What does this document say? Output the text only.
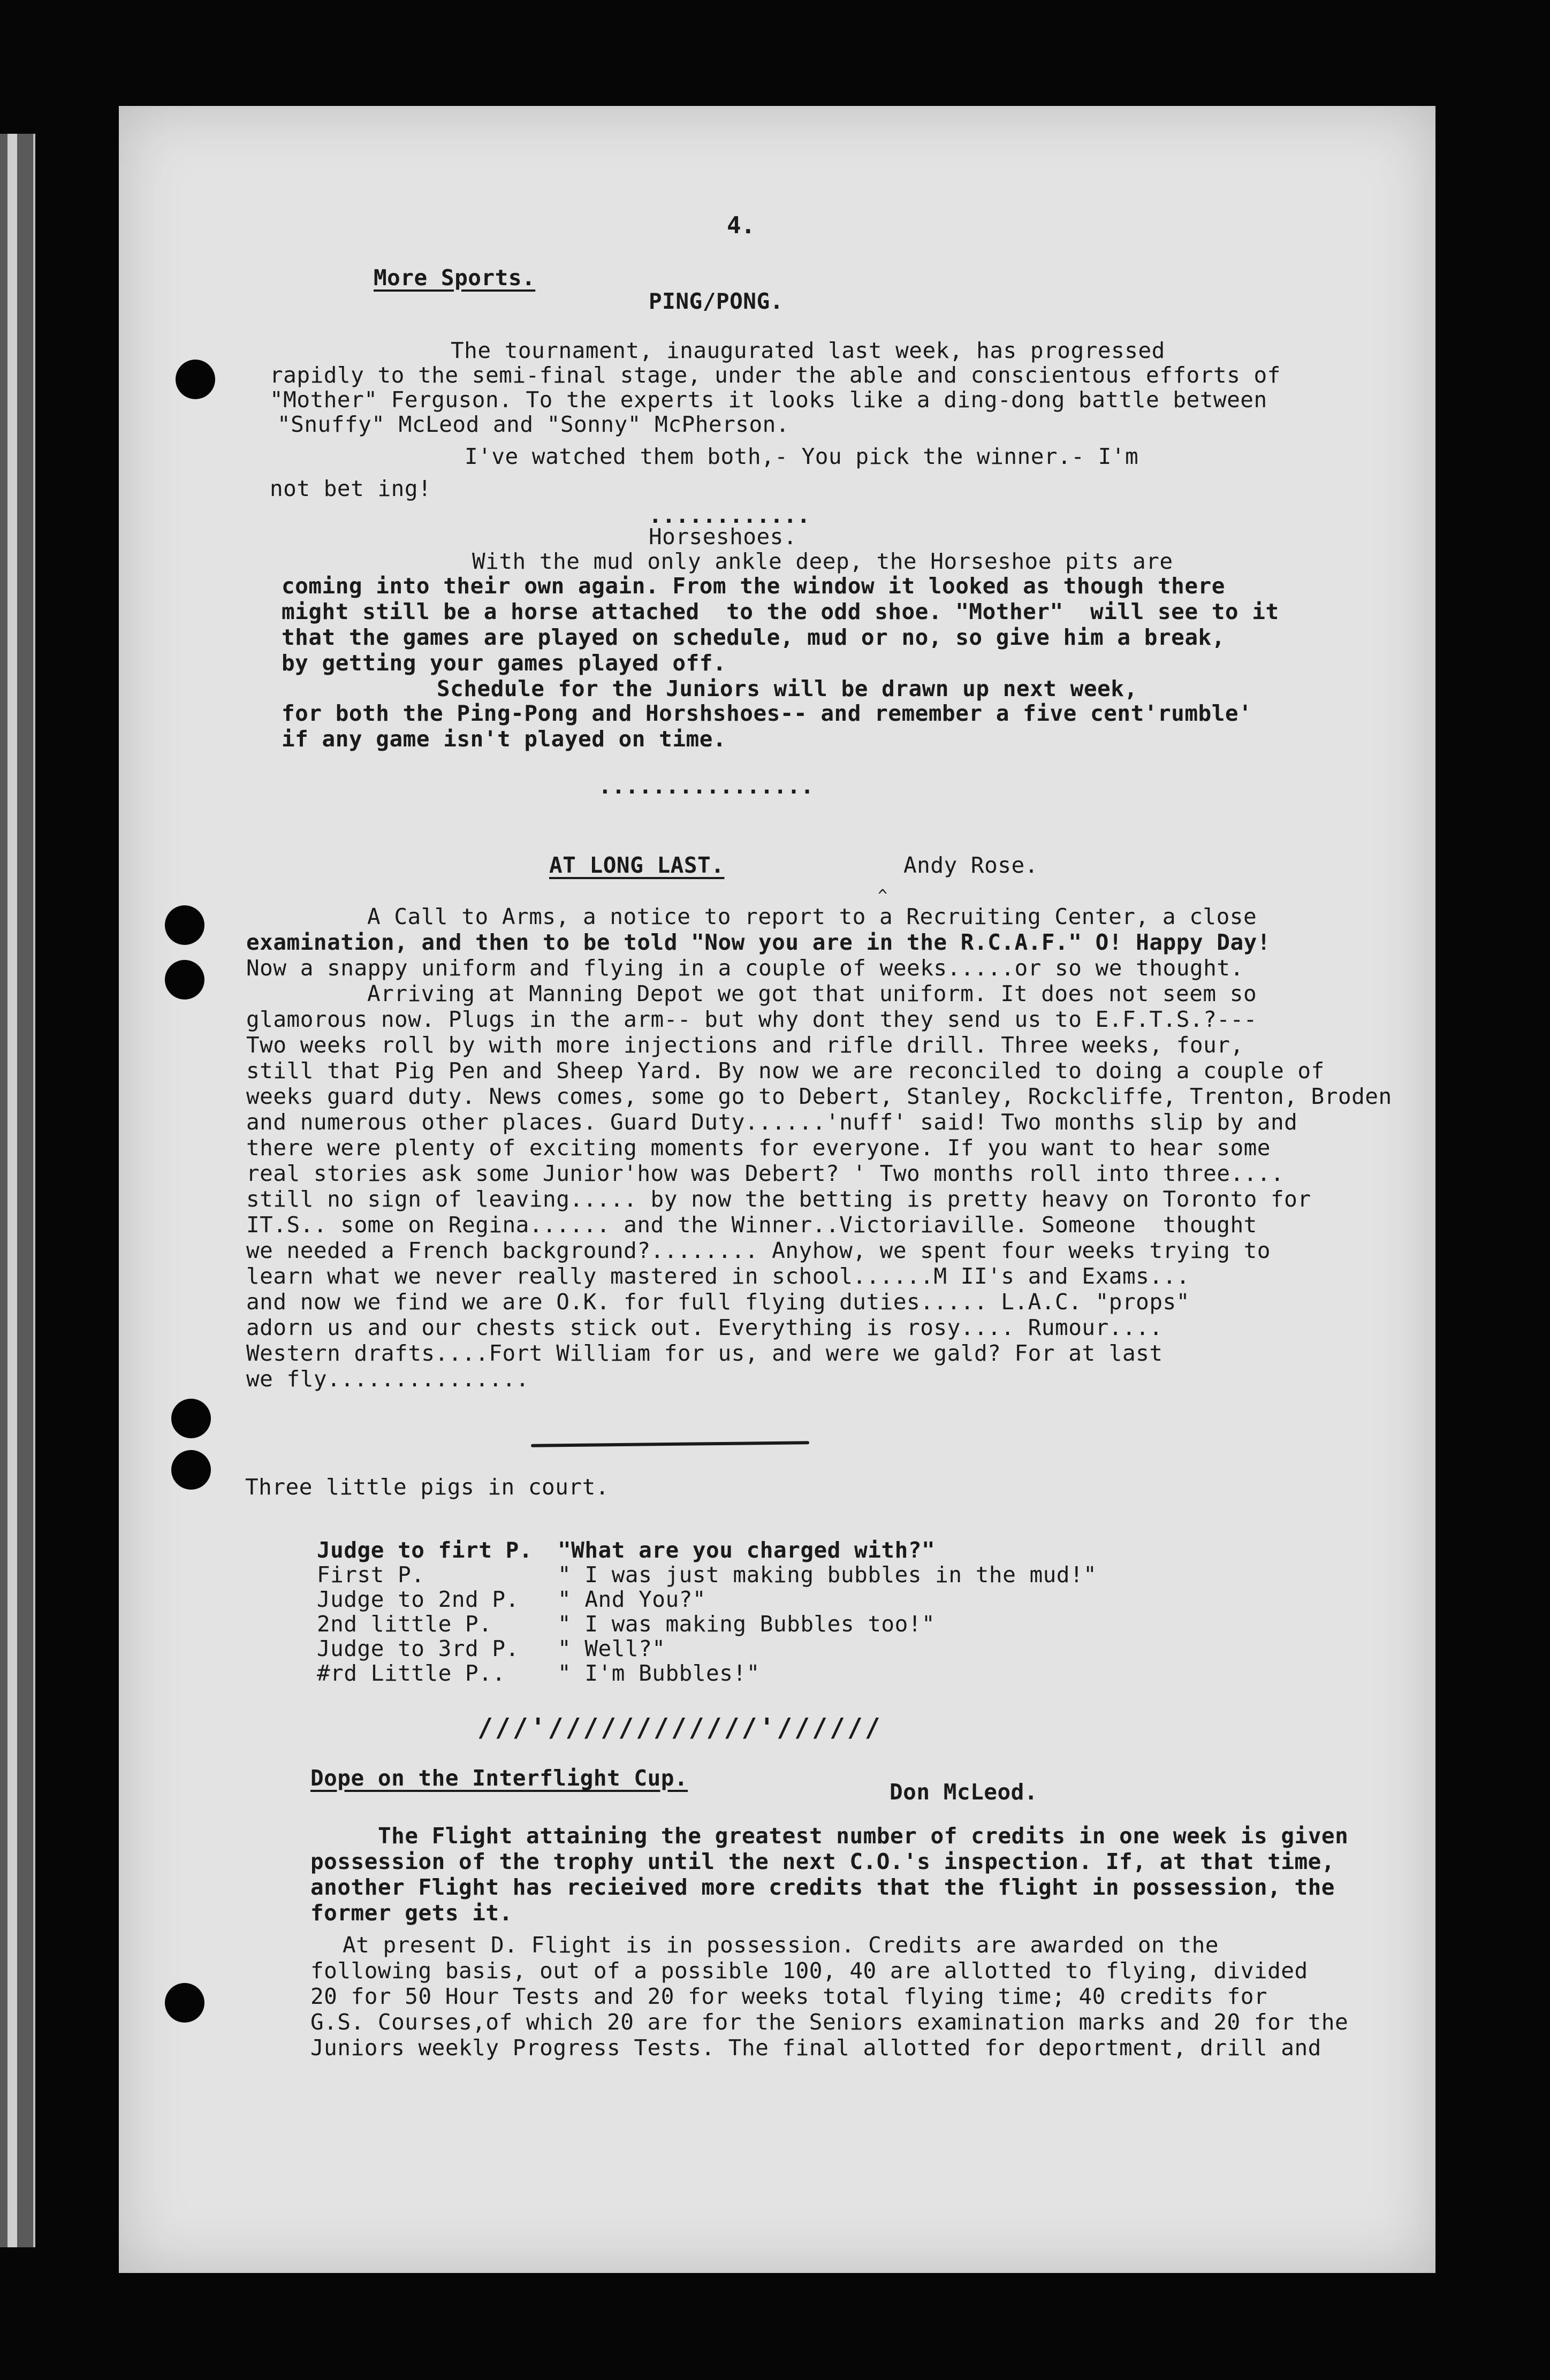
4.
More Sports.
PING/PONG.
The tournament, inaugurated last week, has progressed
rapidly to the semi-final stage, under the able and conscientous efforts of
"Mother" Ferguson. To the experts it looks like a ding-dong battle between
"Snuffy" McLeod and "Sonny" McPherson.
I've watched them both,- You pick the winner.- I'm
not bet ing!
............
Horseshoes.
With the mud only ankle deep, the Horseshoe pits are
coming into their own again. From the window it looked as though there
might still be a horse attached  to the odd shoe. "Mother"  will see to it
that the games are played on schedule, mud or no, so give him a break,
by getting your games played off.
Schedule for the Juniors will be drawn up next week,
for both the Ping-Pong and Horshshoes-- and remember a five cent'rumble'
if any game isn't played on time.
................
AT LONG LAST.	Andy Rose.
^
A Call to Arms, a notice to report to a Recruiting Center, a close
examination, and then to be told "Now you are in the R.C.A.F." O! Happy Day!
Now a snappy uniform and flying in a couple of weeks.....or so we thought.
Arriving at Manning Depot we got that uniform. It does not seem so
glamorous now. Plugs in the arm-- but why dont they send us to E.F.T.S.?---
Two weeks roll by with more injections and rifle drill. Three weeks, four,
still that Pig Pen and Sheep Yard. By now we are reconciled to doing a couple of
weeks guard duty. News comes, some go to Debert, Stanley, Rockcliffe, Trenton, Broden
and numerous other places. Guard Duty......'nuff' said! Two months slip by and
there were plenty of exciting moments for everyone. If you want to hear some
real stories ask some Junior'how was Debert? ' Two months roll into three....
still no sign of leaving..... by now the betting is pretty heavy on Toronto for
IT.S.. some on Regina...... and the Winner..Victoriaville. Someone  thought
we needed a French background?........ Anyhow, we spent four weeks trying to
learn what we never really mastered in school......M II's and Exams...
and now we find we are O.K. for full flying duties..... L.A.C. "props"
adorn us and our chests stick out. Everything is rosy.... Rumour....
Western drafts....Fort William for us, and were we gald? For at last
we fly...............
Three little pigs in court.
Judge to firt P. "What are you charged with?"
First P.	" I was just making bubbles in the mud!"
Judge to 2nd P. " And You?"
2nd little P.	" I was making Bubbles too!"
Judge to 3rd P. " Well?"
#rd Little P.. " I'm Bubbles!"
///'////////////'//////
Dope on the Interflight Cup.
Don McLeod.
The Flight attaining the greatest number of credits in one week is given
possession of the trophy until the next C.O.'s inspection. If, at that time,
another Flight has recieived more credits that the flight in possession, the
former gets it.
At present D. Flight is in possession. Credits are awarded on the
following basis, out of a possible 100, 40 are allotted to flying, divided
20 for 50 Hour Tests and 20 for weeks total flying time; 40 credits for
G.S. Courses,of which 20 are for the Seniors examination marks and 20 for the
Juniors weekly Progress Tests. The final allotted for deportment, drill and
